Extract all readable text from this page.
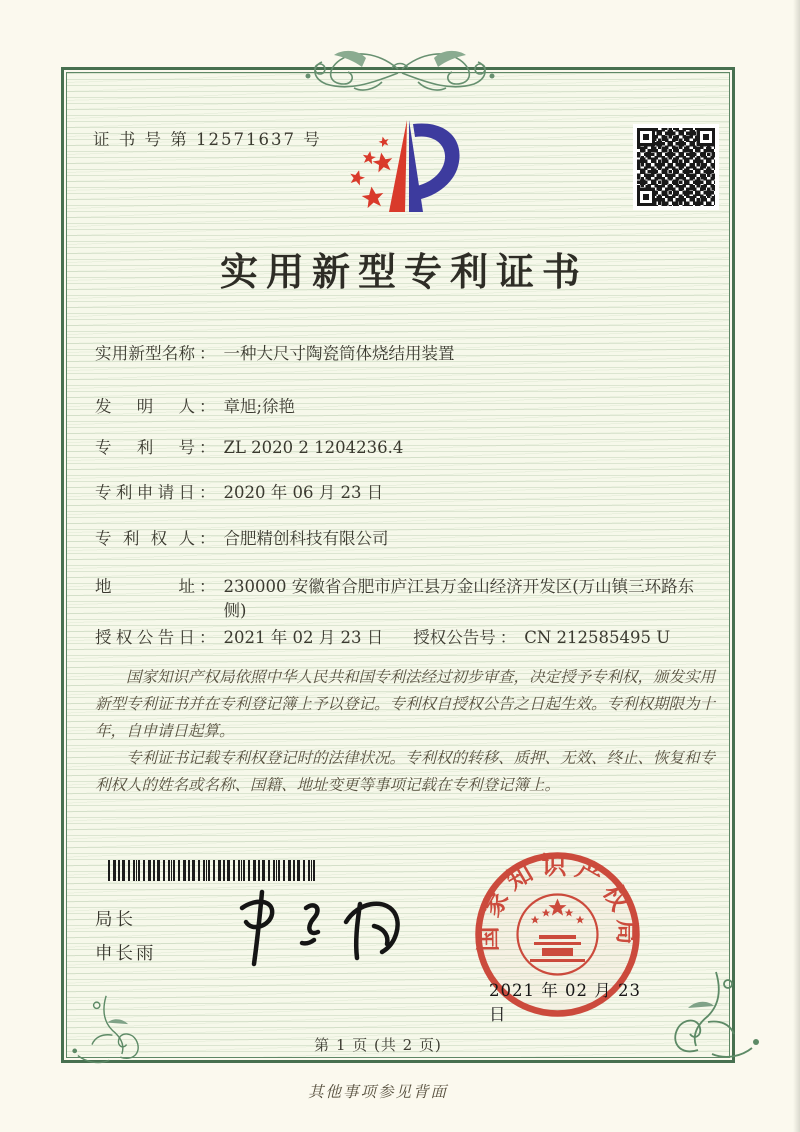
证 书 号 第 12571637 号
实用新型专利证书
实用新型名称 ： 一种大尺寸陶瓷筒体烧结用装置
发明人 ： 章旭;徐艳
专利号 ： ZL 2020 2 1204236.4
专利申请日 ： 2020 年 06 月 23 日
专利权人 ： 合肥精创科技有限公司
地址 ： 230000 安徽省合肥市庐江县万金山经济开发区(万山镇三环路东侧)
授权公告日 ： 2021 年 02 月 23 日 授权公告号 ： CN 212585495 U

国家知识产权局依照中华人民共和国专利法经过初步审查，决定授予专利权，颁发实用新型专利证书并在专利登记簿上予以登记。专利权自授权公告之日起生效。专利权期限为十年，自申请日起算。

专利证书记载专利权登记时的法律状况。专利权的转移、质押、无效、终止、恢复和专利权人的姓名或名称、国籍、地址变更等事项记载在专利登记簿上。

局长
申长雨
国家知识产权局
2021 年 02 月 23 日
第 1 页 (共 2 页)
其他事项参见背面
